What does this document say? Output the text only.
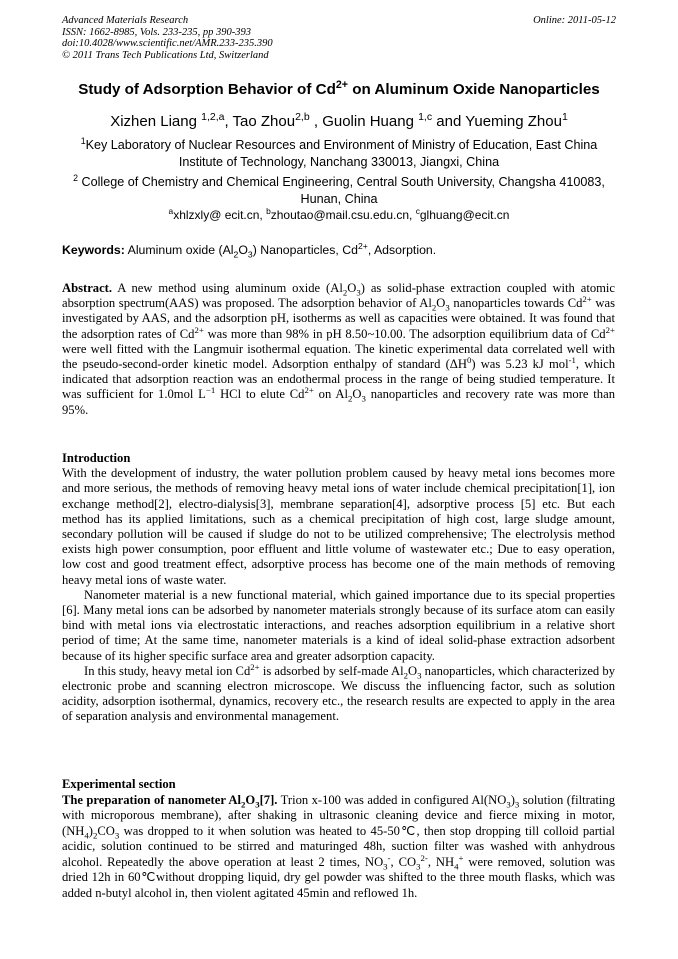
Advanced Materials Research
ISSN: 1662-8985, Vols. 233-235, pp 390-393
doi:10.4028/www.scientific.net/AMR.233-235.390
© 2011 Trans Tech Publications Ltd, Switzerland
Online: 2011-05-12
Study of Adsorption Behavior of $Cd^{2+}$ on Aluminum Oxide Nanoparticles
Xizhen Liang $^{1,2,a}$, Tao Zhou$^{2,b}$ , Guolin Huang $^{1,c}$ and Yueming Zhou$^1$
$^1$Key Laboratory of Nuclear Resources and Environment of Ministry of Education, East China
Institute of Technology, Nanchang 330013, Jiangxi, China
$^2$ College of Chemistry and Chemical Engineering, Central South University, Changsha 410083,
Hunan, China
$^a$xhlzxly@ ecit.cn, $^b$zhoutao@mail.csu.edu.cn, $^c$glhuang@ecit.cn
Keywords: Aluminum oxide $(Al_2O_3)$ Nanoparticles, $Cd^{2+}$, Adsorption.

Abstract. A new method using aluminum oxide $(Al_2O_3)$ as solid-phase extraction coupled with atomic absorption spectrum(AAS) was proposed. The adsorption behavior of $Al_2O_3$ nanoparticles towards $Cd^{2+}$ was investigated by AAS, and the adsorption pH, isotherms as well as capacities were obtained. It was found that the adsorption rates of $Cd^{2+}$ was more than 98% in pH 8.50~10.00. The adsorption equilibrium data of $Cd^{2+}$ were well fitted with the Langmuir isothermal equation. The kinetic experimental data correlated well with the pseudo-second-order kinetic model. Adsorption enthalpy of standard $(\Delta H^0)$ was 5.23 kJ mol$^{-1}$, which indicated that adsorption reaction was an endothermal process in the range of being studied temperature. It was sufficient for 1.0mol $L^{-1}$ HCl to elute $Cd^{2+}$ on $Al_2O_3$ nanoparticles and recovery rate was more than 95%.

Introduction

With the development of industry, the water pollution problem caused by heavy metal ions becomes more and more serious, the methods of removing heavy metal ions of water include chemical precipitation[1], ion exchange method[2], electro-dialysis[3], membrane separation[4], adsorptive process [5] etc. But each method has its applied limitations, such as a chemical precipitation of high cost, large sludge amount, secondary pollution will be caused if sludge do not to be utilized comprehensive; The electrolysis method exists high power consumption, poor effluent and little volume of wastewater etc.; Due to easy operation, low cost and good treatment effect, adsorptive process has become one of the main methods of removing heavy metal ions of waste water.

Nanometer material is a new functional material, which gained importance due to its special properties [6]. Many metal ions can be adsorbed by nanometer materials strongly because of its surface atom can easily bind with metal ions via electrostatic interactions, and reaches adsorption equilibrium in a relative short period of time; At the same time, nanometer materials is a kind of ideal solid-phase extraction adsorbent because of its higher specific surface area and greater adsorption capacity.

In this study, heavy metal ion $Cd^{2+}$ is adsorbed by self-made $Al_2O_3$ nanoparticles, which characterized by electronic probe and scanning electron microscope. We discuss the influencing factor, such as solution acidity, adsorption isothermal, dynamics, recovery etc., the research results are expected to apply in the area of separation analysis and environmental management.

Experimental section

The preparation of nanometer $Al_2O_3[7]$. Trion x-100 was added in configured $Al(NO_3)_3$ solution (filtrating with microporous membrane), after shaking in ultrasonic cleaning device and fierce mixing in motor, $(NH_4)_2CO_3$ was dropped to it when solution was heated to 45-50℃, then stop dropping till colloid partial acidic, solution continued to be stirred and maturinged 48h, suction filter was washed with anhydrous alcohol. Repeatedly the above operation at least 2 times, $NO_3^-$, $CO_3^{2-}$, $NH_4^+$ were removed, solution was dried 12h in 60℃without dropping liquid, dry gel powder was shifted to the three mouth flasks, which was added n-butyl alcohol in, then violent agitated 45min and reflowed 1h.
